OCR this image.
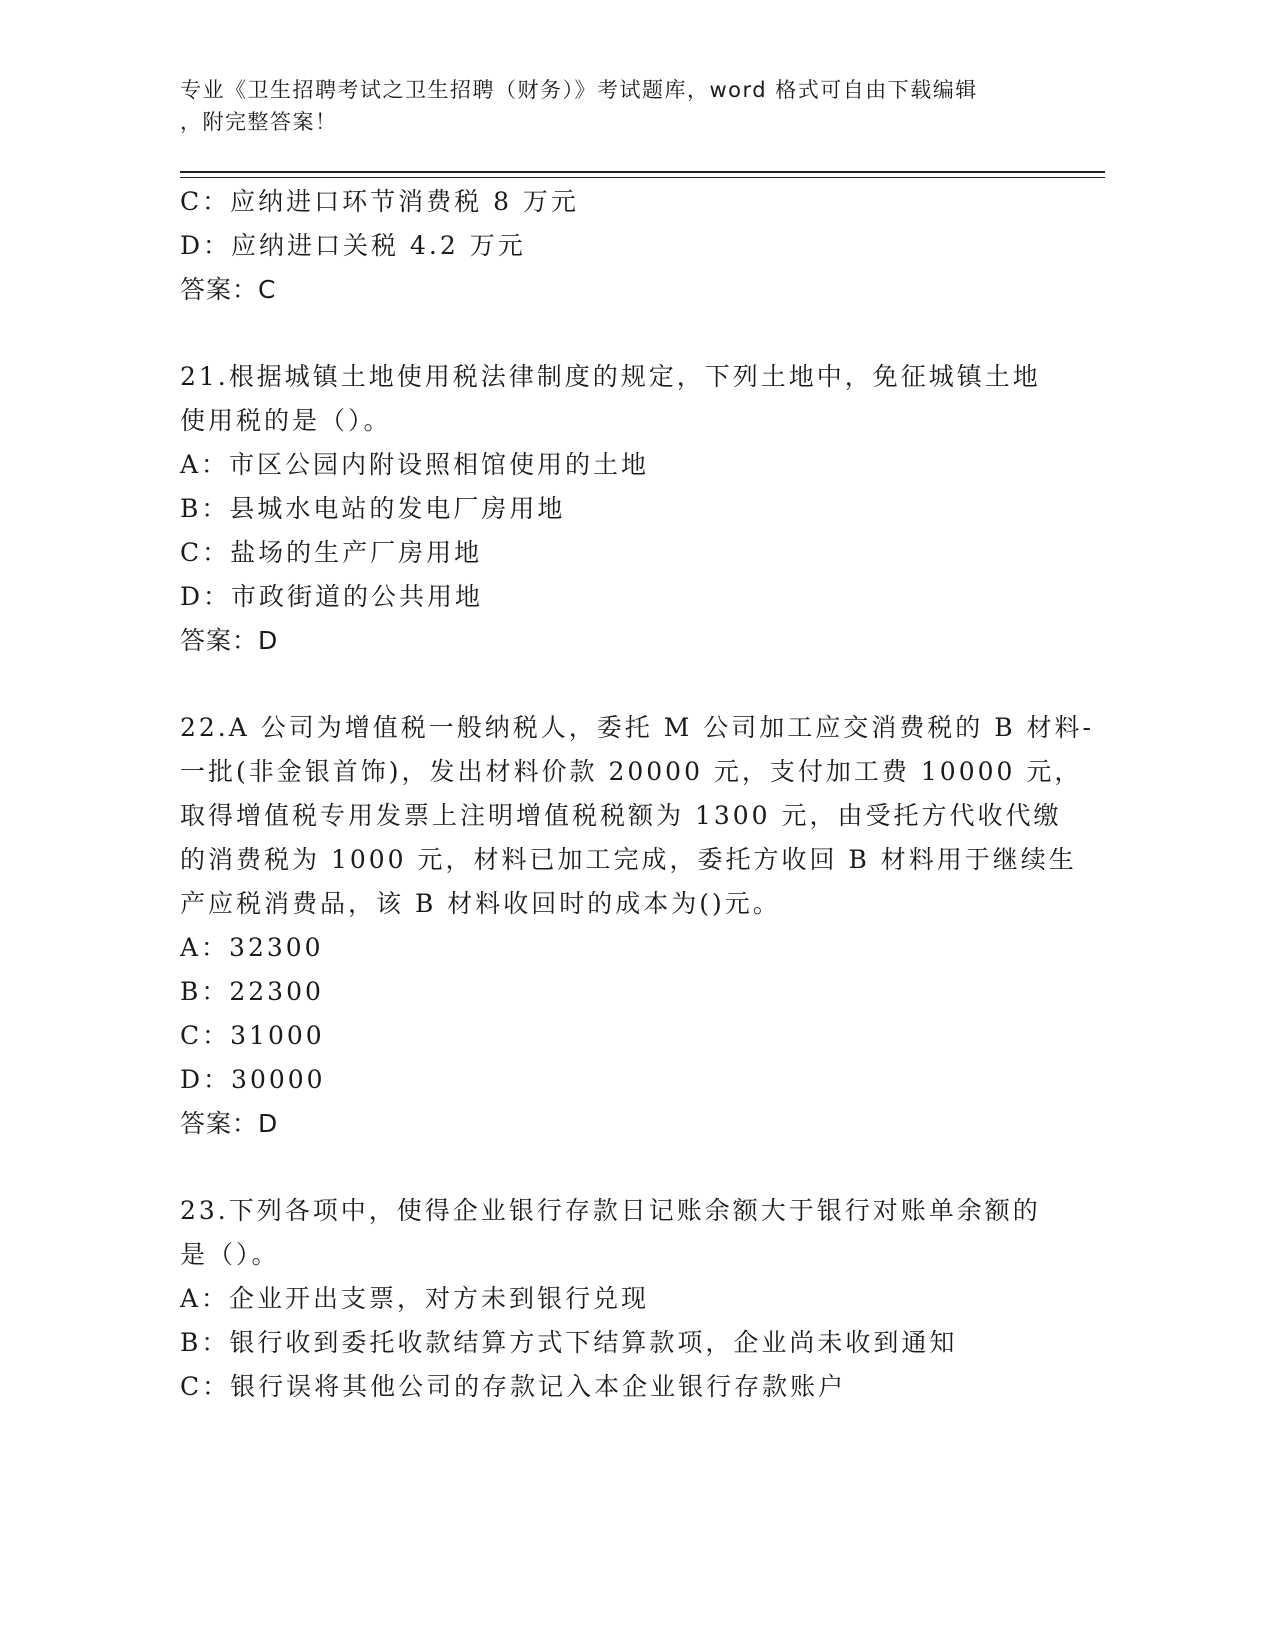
专业《卫生招聘考试之卫生招聘（财务）》考试题库，word 格式可自由下载编辑
，附完整答案！
C：应纳进口环节消费税 8 万元
D：应纳进口关税 4.2 万元
答案：C
21.根据城镇土地使用税法律制度的规定，下列土地中，免征城镇土地
使用税的是（）。
A：市区公园内附设照相馆使用的土地
B：县城水电站的发电厂房用地
C：盐场的生产厂房用地
D：市政街道的公共用地
答案：D
22.A 公司为增值税一般纳税人，委托 M 公司加工应交消费税的 B 材料-
一批(非金银首饰)，发出材料价款 20000 元，支付加工费 10000 元，
取得增值税专用发票上注明增值税税额为 1300 元，由受托方代收代缴
的消费税为 1000 元，材料已加工完成，委托方收回 B 材料用于继续生
产应税消费品，该 B 材料收回时的成本为()元。
A：32300
B：22300
C：31000
D：30000
答案：D
23.下列各项中，使得企业银行存款日记账余额大于银行对账单余额的
是（）。
A：企业开出支票，对方未到银行兑现
B：银行收到委托收款结算方式下结算款项，企业尚未收到通知
C：银行误将其他公司的存款记入本企业银行存款账户
